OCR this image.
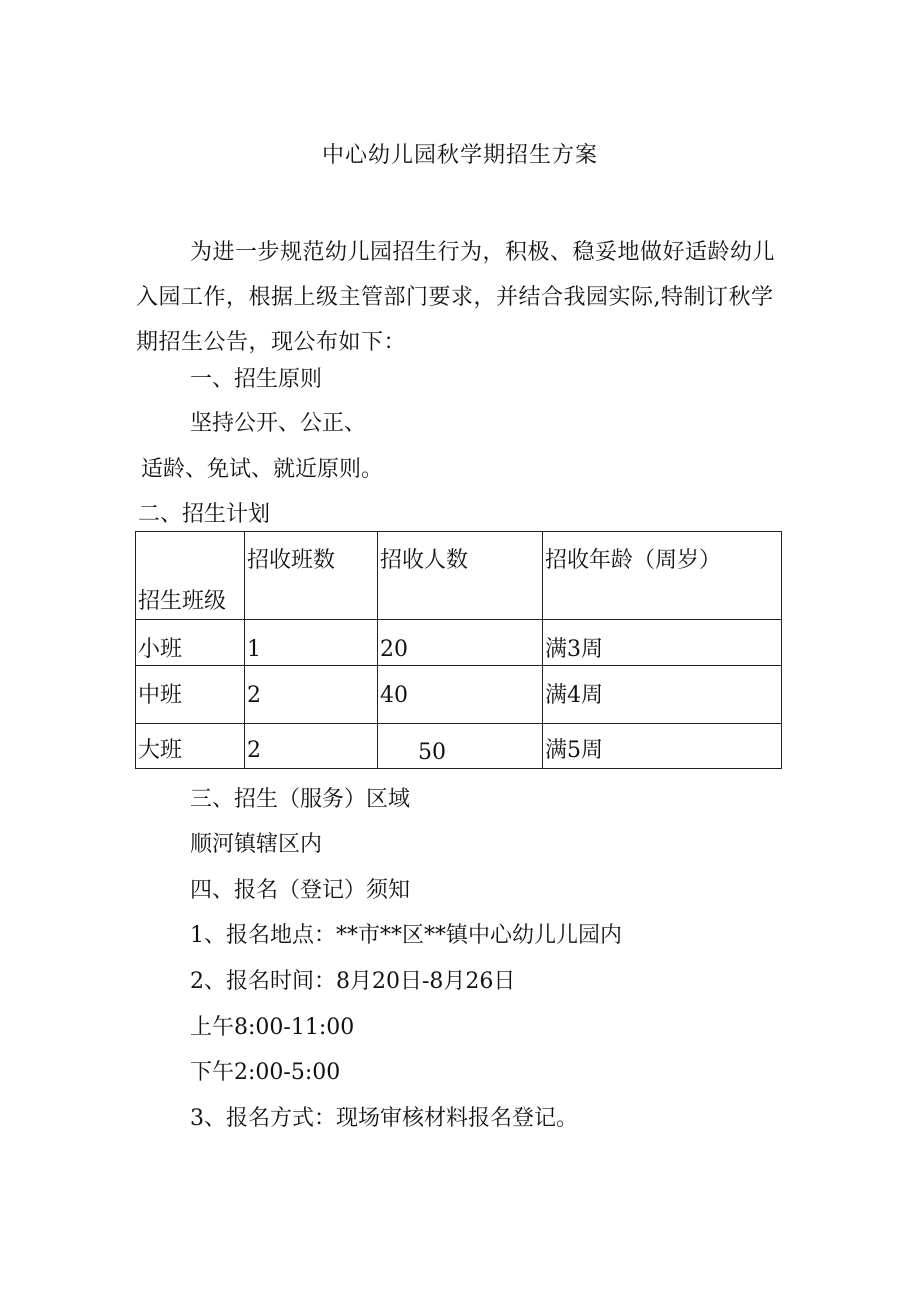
中心幼儿园秋学期招生方案

为进一步规范幼儿园招生行为，积极、稳妥地做好适龄幼儿入园工作，根据上级主管部门要求，并结合我园实际,特制订秋学期招生公告，现公布如下：

一、招生原则

坚持公开、公正、

适龄、免试、就近原则。

二、招生计划

招生班级	招收班数	招收人数	招收年龄（周岁）

小班	1	20	满3周

中班	2	40	满4周

大班	2	50	满5周

三、招生（服务）区域

顺河镇辖区内

四、报名（登记）须知

1、报名地点：**市**区**镇中心幼儿儿园内

2、报名时间：8月20日-8月26日

上午8:00-11:00

下午2:00-5:00

3、报名方式：现场审核材料报名登记。
